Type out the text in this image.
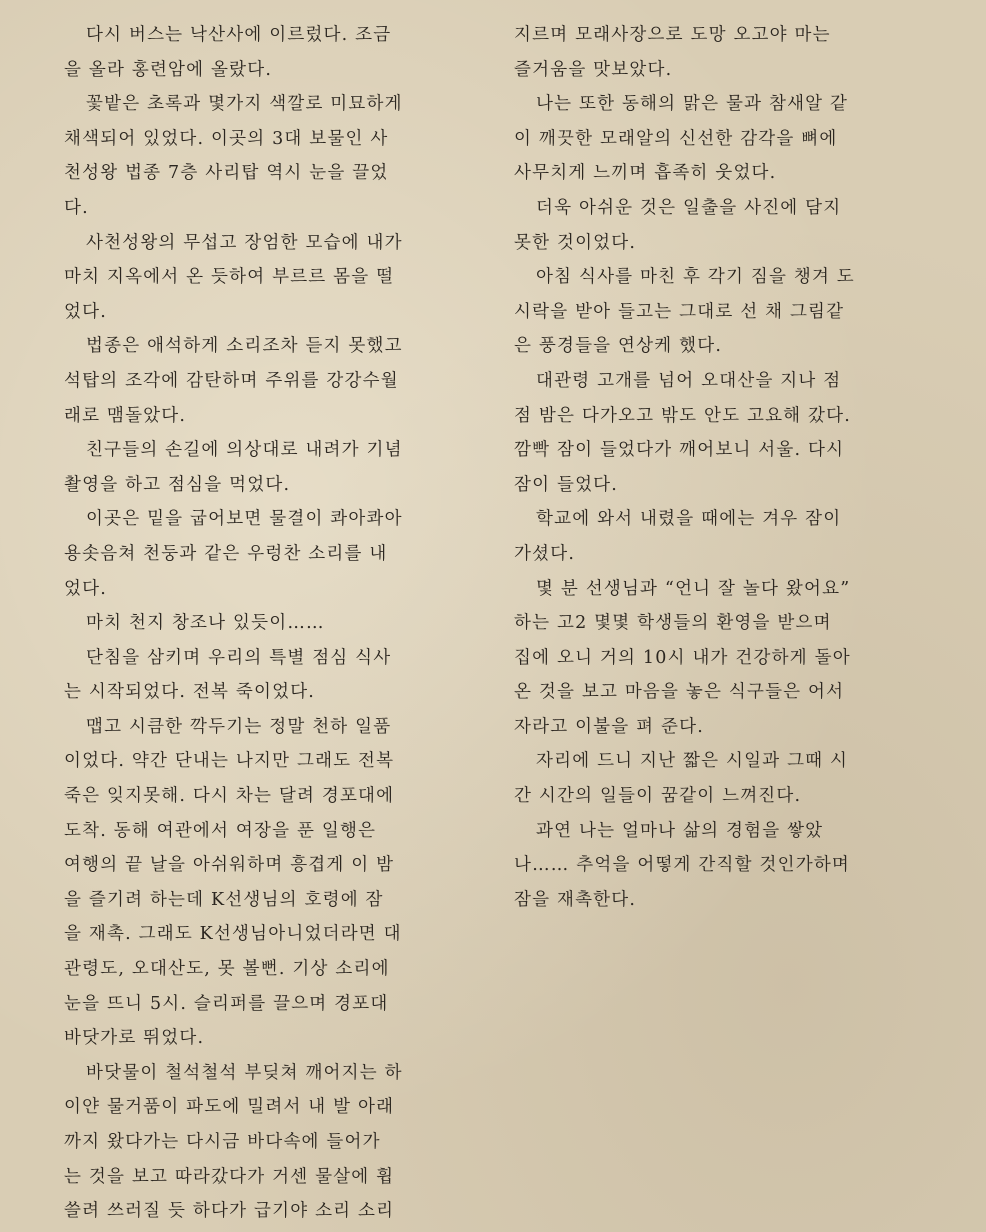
다시 버스는 낙산사에 이르렀다. 조금
을 올라 홍련암에 올랐다.
꽃밭은 초록과 몇가지 색깔로 미묘하게
채색되어 있었다. 이곳의 3대 보물인 사
천성왕 법종 7층 사리탑 역시 눈을 끌었
다.
사천성왕의 무섭고 장엄한 모습에 내가
마치 지옥에서 온 듯하여 부르르 몸을 떨
었다.
법종은 애석하게 소리조차 듣지 못했고
석탑의 조각에 감탄하며 주위를 강강수월
래로 맴돌았다.
친구들의 손길에 의상대로 내려가 기념
촬영을 하고 점심을 먹었다.
이곳은 밑을 굽어보면 물결이 콰아콰아
용솟음쳐 천둥과 같은 우렁찬 소리를 내
었다.
마치 천지 창조나 있듯이……
단침을 삼키며 우리의 특별 점심 식사
는 시작되었다. 전복 죽이었다.
맵고 시큼한 깍두기는 정말 천하 일품
이었다. 약간 단내는 나지만 그래도 전복
죽은 잊지못해. 다시 차는 달려 경포대에
도착. 동해 여관에서 여장을 푼 일행은
여행의 끝 날을 아쉬워하며 흥겹게 이 밤
을 즐기려 하는데 K선생님의 호령에 잠
을 재촉. 그래도 K선생님아니었더라면 대
관령도, 오대산도, 못 볼뻔. 기상 소리에
눈을 뜨니 5시. 슬리퍼를 끌으며 경포대
바닷가로 뛰었다.
바닷물이 철석철석 부딪쳐 깨어지는 하
이얀 물거품이 파도에 밀려서 내 발 아래
까지 왔다가는 다시금 바다속에 들어가
는 것을 보고 따라갔다가 거센 물살에 휩
쓸려 쓰러질 듯 하다가 급기야 소리 소리
지르며 모래사장으로 도망 오고야 마는
즐거움을 맛보았다.
나는 또한 동해의 맑은 물과 참새알 같
이 깨끗한 모래알의 신선한 감각을 뼈에
사무치게 느끼며 흡족히 웃었다.
더욱 아쉬운 것은 일출을 사진에 담지
못한 것이었다.
아침 식사를 마친 후 각기 짐을 챙겨 도
시락을 받아 들고는 그대로 선 채 그림같
은 풍경들을 연상케 했다.
대관령 고개를 넘어 오대산을 지나 점
점 밤은 다가오고 밖도 안도 고요해 갔다.
깜빡 잠이 들었다가 깨어보니 서울. 다시
잠이 들었다.
학교에 와서 내렸을 때에는 겨우 잠이
가셨다.
몇 분 선생님과 “언니 잘 놀다 왔어요”
하는 고2 몇몇 학생들의 환영을 받으며
집에 오니 거의 10시 내가 건강하게 돌아
온 것을 보고 마음을 놓은 식구들은 어서
자라고 이불을 펴 준다.
자리에 드니 지난 짧은 시일과 그때 시
간 시간의 일들이 꿈같이 느껴진다.
과연 나는 얼마나 삶의 경험을 쌓았
나…… 추억을 어떻게 간직할 것인가하며
잠을 재촉한다.
